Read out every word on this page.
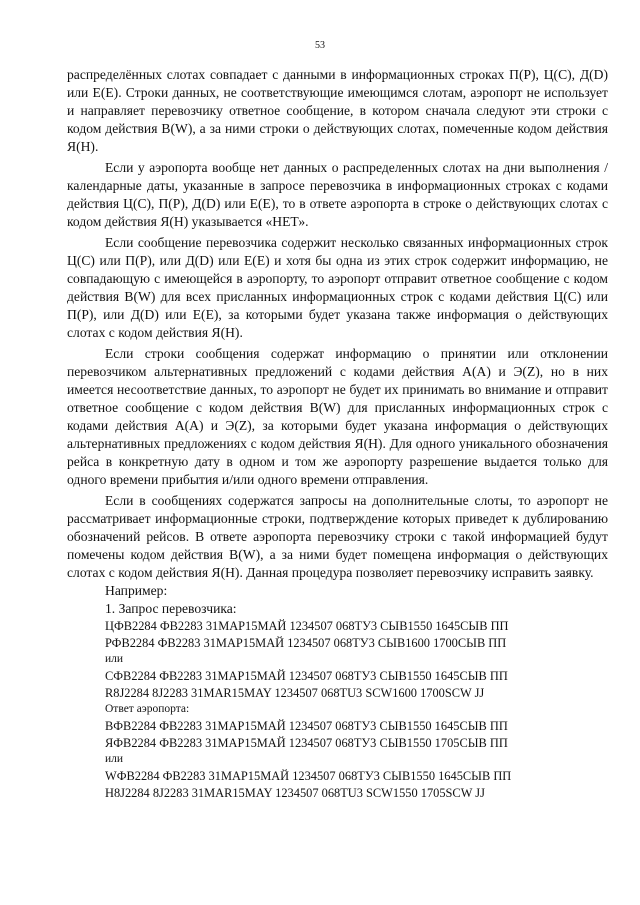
53

распределённых слотах совпадает с данными в информационных строках П(P), Ц(C), Д(D) или Е(E). Строки данных, не соответствующие имеющимся слотам, аэропорт не использует и направляет перевозчику ответное сообщение, в котором сначала следуют эти строки с кодом действия В(W), а за ними строки о действующих слотах, помеченные кодом действия Я(H).

Если у аэропорта вообще нет данных о распределенных слотах на дни выполнения / календарные даты, указанные в запросе перевозчика в информационных строках с кодами действия Ц(C), П(P), Д(D) или Е(E), то в ответе аэропорта в строке о действующих слотах с кодом действия Я(H) указывается «НЕТ».

Если сообщение перевозчика содержит несколько связанных информационных строк Ц(C) или П(P), или Д(D) или Е(E) и хотя бы одна из этих строк содержит информацию, не совпадающую с имеющейся в аэропорту, то аэропорт отправит ответное сообщение с кодом действия В(W) для всех присланных информационных строк с кодами действия Ц(C) или П(P), или Д(D) или Е(E), за которыми будет указана также информация о действующих слотах с кодом действия Я(H).

Если строки сообщения содержат информацию о принятии или отклонении перевозчиком альтернативных предложений с кодами действия А(A) и Э(Z), но в них имеется несоответствие данных, то аэропорт не будет их принимать во внимание и отправит ответное сообщение с кодом действия В(W) для присланных информационных строк с кодами действия А(A) и Э(Z), за которыми будет указана информация о действующих альтернативных предложениях с кодом действия Я(H). Для одного уникального обозначения рейса в конкретную дату в одном и том же аэропорту разрешение выдается только для одного времени прибытия и/или одного времени отправления.

Если в сообщениях содержатся запросы на дополнительные слоты, то аэропорт не рассматривает информационные строки, подтверждение которых приведет к дублированию обозначений рейсов. В ответе аэропорта перевозчику строки с такой информацией будут помечены кодом действия В(W), а за ними будет помещена информация о действующих слотах с кодом действия Я(H). Данная процедура позволяет перевозчику исправить заявку.

Например:

1. Запрос перевозчика:

ЦФВ2284 ФВ2283 31МАР15МАЙ 1234507 068ТУ3 СЫВ1550 1645СЫВ ПП
РФВ2284 ФВ2283 31МАР15МАЙ 1234507 068ТУ3 СЫВ1600 1700СЫВ ПП
или
СФВ2284 ФВ2283 31МАР15МАЙ 1234507 068ТУ3 СЫВ1550 1645СЫВ ПП
R8J2284 8J2283 31MAR15MAY 1234507 068TU3 SCW1600 1700SCW JJ
Ответ аэропорта:
ВФВ2284 ФВ2283 31МАР15МАЙ 1234507 068ТУ3 СЫВ1550 1645СЫВ ПП
ЯФВ2284 ФВ2283 31МАР15МАЙ 1234507 068ТУ3 СЫВ1550 1705СЫВ ПП
или
WФВ2284 ФВ2283 31МАР15МАЙ 1234507 068ТУ3 СЫВ1550 1645СЫВ ПП
H8J2284 8J2283 31MAR15MAY 1234507 068TU3 SCW1550 1705SCW JJ
